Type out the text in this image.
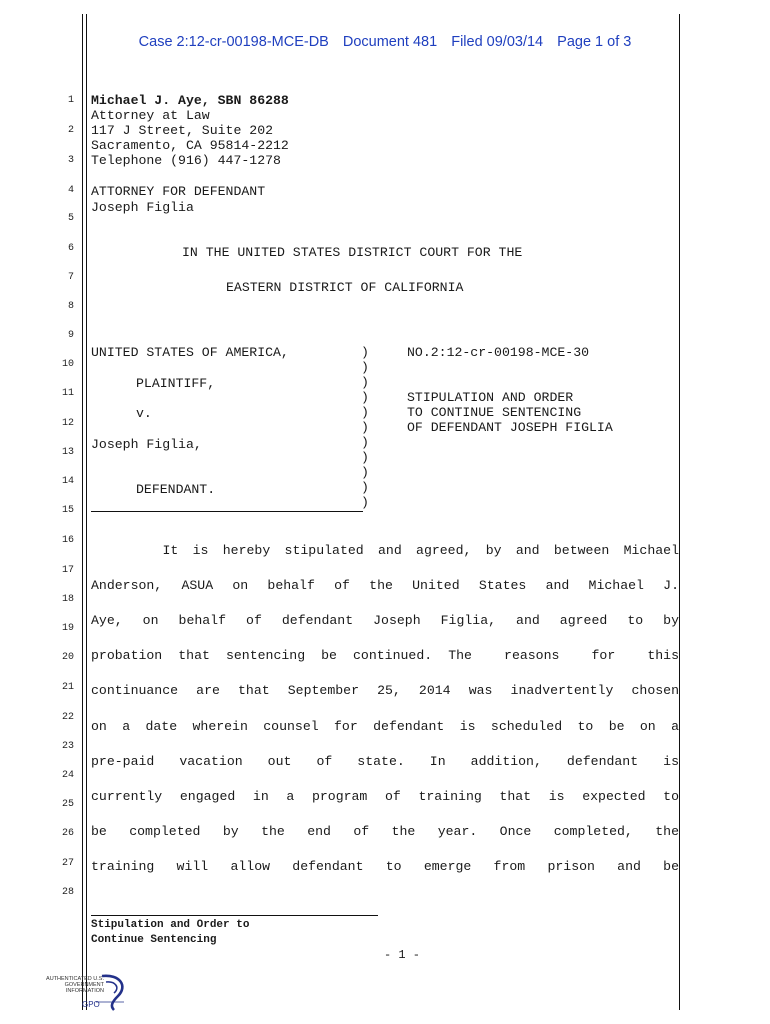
Case 2:12-cr-00198-MCE-DB Document 481 Filed 09/03/14 Page 1 of 3
1
2
3
4
5
6
7
8
9
10
11
12
13
14
15
16
17
18
19
20
21
22
23
24
25
26
27
28
Michael J. Aye, SBN 86288
Attorney at Law
117 J Street, Suite 202
Sacramento, CA 95814-2212
Telephone (916) 447-1278
ATTORNEY FOR DEFENDANT
Joseph Figlia
IN THE UNITED STATES DISTRICT COURT FOR THE
EASTERN DISTRICT OF CALIFORNIA
UNITED STATES OF AMERICA,
PLAINTIFF,
v.
Joseph Figlia,
DEFENDANT.
)
)
)
)
)
)
)
)
)
)
)
NO.2:12-cr-00198-MCE-30
STIPULATION AND ORDER
TO CONTINUE SENTENCING
OF DEFENDANT JOSEPH FIGLIA
It is hereby stipulated and agreed, by and between Michael
Anderson, ASUA on behalf of the United States and Michael J.
Aye, on behalf of defendant Joseph Figlia, and agreed to by
probation that sentencing be continued. The  reasons  for  this
continuance are that September 25, 2014 was inadvertently chosen
on a date wherein counsel for defendant is scheduled to be on a
pre-paid vacation out of state. In addition, defendant is
currently engaged in a program of training that is expected to
be completed by the end of the year. Once completed, the
training will allow defendant to emerge from prison and be
Stipulation and Order to
Continue Sentencing
- 1 -
AUTHENTICATED U.S. GOVERNMENT INFORMATION
GPO
